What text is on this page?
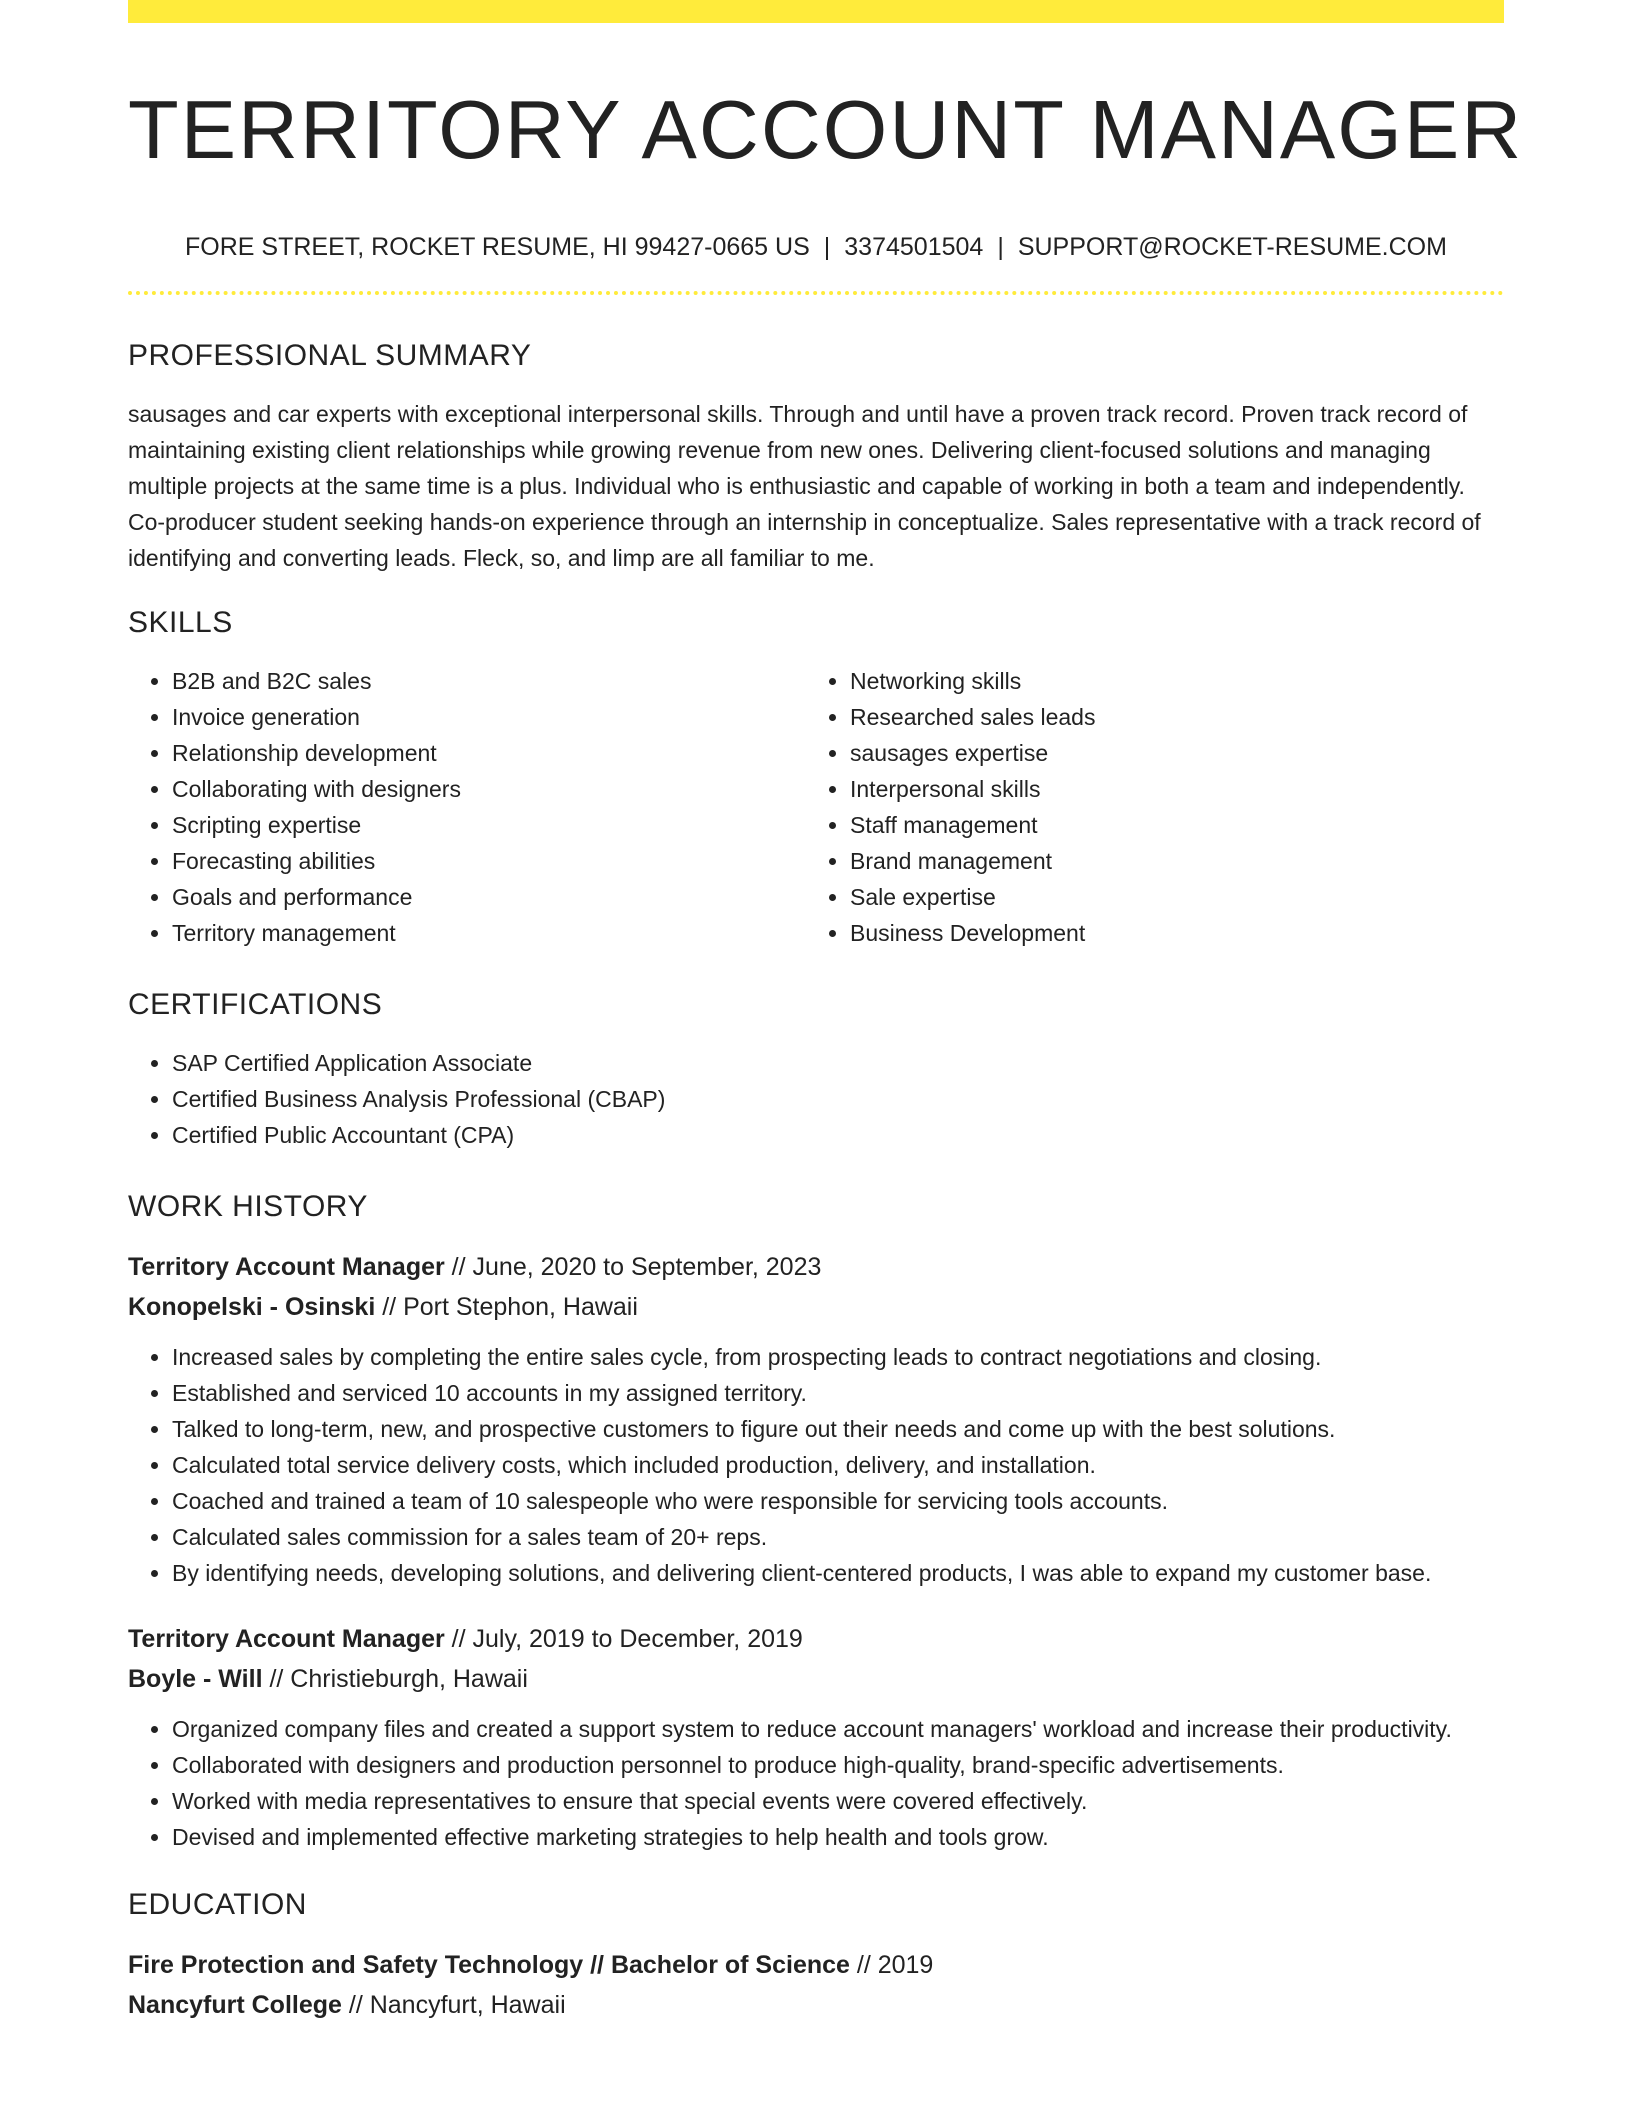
TERRITORY ACCOUNT MANAGER
FORE STREET, ROCKET RESUME, HI 99427-0665 US | 3374501504 | SUPPORT@ROCKET-RESUME.COM
PROFESSIONAL SUMMARY
sausages and car experts with exceptional interpersonal skills. Through and until have a proven track record. Proven track record of maintaining existing client relationships while growing revenue from new ones. Delivering client-focused solutions and managing multiple projects at the same time is a plus. Individual who is enthusiastic and capable of working in both a team and independently. Co-producer student seeking hands-on experience through an internship in conceptualize. Sales representative with a track record of identifying and converting leads. Fleck, so, and limp are all familiar to me.
SKILLS
• B2B and B2C sales
• Invoice generation
• Relationship development
• Collaborating with designers
• Scripting expertise
• Forecasting abilities
• Goals and performance
• Territory management
• Networking skills
• Researched sales leads
• sausages expertise
• Interpersonal skills
• Staff management
• Brand management
• Sale expertise
• Business Development
CERTIFICATIONS
• SAP Certified Application Associate
• Certified Business Analysis Professional (CBAP)
• Certified Public Accountant (CPA)
WORK HISTORY
Territory Account Manager // June, 2020 to September, 2023
Konopelski - Osinski // Port Stephon, Hawaii
• Increased sales by completing the entire sales cycle, from prospecting leads to contract negotiations and closing.
• Established and serviced 10 accounts in my assigned territory.
• Talked to long-term, new, and prospective customers to figure out their needs and come up with the best solutions.
• Calculated total service delivery costs, which included production, delivery, and installation.
• Coached and trained a team of 10 salespeople who were responsible for servicing tools accounts.
• Calculated sales commission for a sales team of 20+ reps.
• By identifying needs, developing solutions, and delivering client-centered products, I was able to expand my customer base.
Territory Account Manager // July, 2019 to December, 2019
Boyle - Will // Christieburgh, Hawaii
• Organized company files and created a support system to reduce account managers' workload and increase their productivity.
• Collaborated with designers and production personnel to produce high-quality, brand-specific advertisements.
• Worked with media representatives to ensure that special events were covered effectively.
• Devised and implemented effective marketing strategies to help health and tools grow.
EDUCATION
Fire Protection and Safety Technology // Bachelor of Science // 2019
Nancyfurt College // Nancyfurt, Hawaii
